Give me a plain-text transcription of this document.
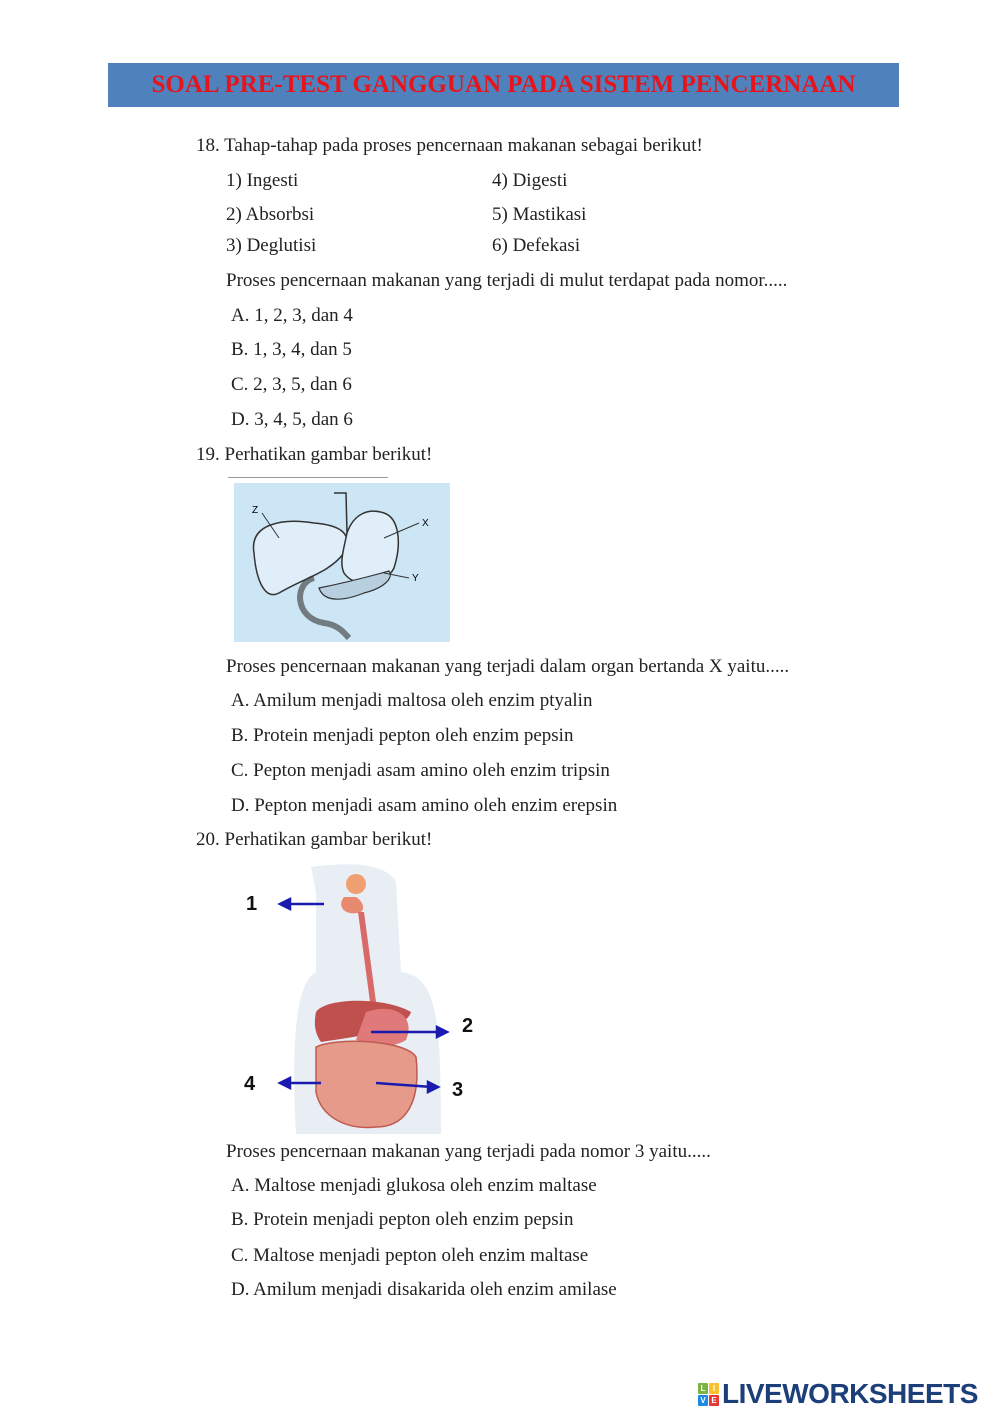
SOAL PRE-TEST GANGGUAN PADA SISTEM PENCERNAAN
18. Tahap-tahap pada proses pencernaan makanan sebagai berikut!
1) Ingesti
2) Absorbsi
3) Deglutisi
4) Digesti
5) Mastikasi
6) Defekasi
Proses pencernaan makanan yang terjadi di mulut terdapat pada nomor.....
A. 1, 2, 3, dan 4
B. 1, 3, 4, dan 5
C. 2, 3, 5, dan 6
D. 3, 4, 5, dan 6
19. Perhatikan gambar berikut!
Z
X
Y
Proses pencernaan makanan yang terjadi dalam organ bertanda X yaitu.....
A. Amilum menjadi maltosa oleh enzim ptyalin
B. Protein menjadi pepton oleh enzim pepsin
C. Pepton menjadi asam amino oleh enzim tripsin
D. Pepton menjadi asam amino oleh enzim erepsin
20. Perhatikan gambar berikut!
1
2
3
4
Proses pencernaan makanan yang terjadi pada nomor 3 yaitu.....
A. Maltose menjadi glukosa oleh enzim maltase
B. Protein menjadi pepton oleh enzim pepsin
C. Maltose menjadi pepton oleh enzim maltase
D. Amilum menjadi disakarida oleh enzim amilase
L I
V E LIVEWORKSHEETS
